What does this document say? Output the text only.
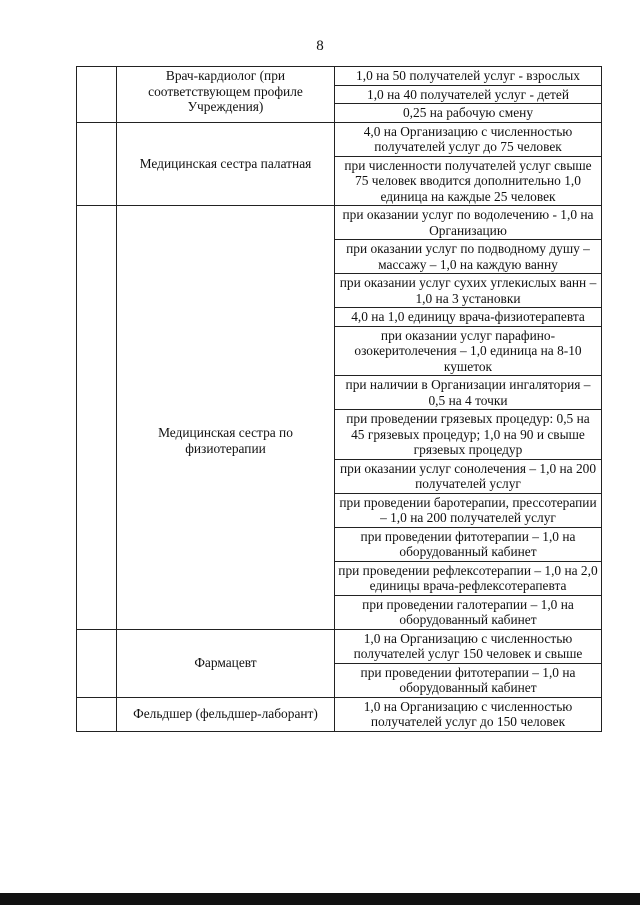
8
	Врач-кардиолог (при соответствующем профиле Учреждения)	1,0 на 50 получателей услуг - взрослых
		1,0 на 40 получателей услуг - детей
		0,25 на рабочую смену
	Медицинская сестра палатная	4,0 на Организацию с численностью получателей услуг до 75 человек
		при численности получателей услуг свыше 75 человек вводится дополнительно 1,0 единица на каждые 25 человек
	Медицинская сестра по физиотерапии	при оказании услуг по водолечению - 1,0 на Организацию
		при оказании услуг по подводному душу – массажу – 1,0 на каждую ванну
		при оказании услуг сухих углекислых ванн – 1,0 на 3 установки
		4,0 на 1,0 единицу врача-физиотерапевта
		при оказании услуг парафино-озокеритолечения – 1,0 единица на 8-10 кушеток
		при наличии в Организации ингалятория – 0,5 на 4 точки
		при проведении грязевых процедур: 0,5 на 45 грязевых процедур; 1,0 на 90 и свыше грязевых процедур
		при оказании услуг сонолечения – 1,0 на 200 получателей услуг
		при проведении баротерапии, прессотерапии – 1,0 на 200 получателей услуг
		при проведении фитотерапии – 1,0 на оборудованный кабинет
		при проведении рефлексотерапии – 1,0 на 2,0 единицы врача-рефлексотерапевта
		при проведении галотерапии – 1,0 на оборудованный кабинет
	Фармацевт	1,0 на Организацию с численностью получателей услуг 150 человек и свыше
		при проведении фитотерапии – 1,0 на оборудованный кабинет
	Фельдшер (фельдшер-лаборант)	1,0 на Организацию с численностью получателей услуг до 150 человек
